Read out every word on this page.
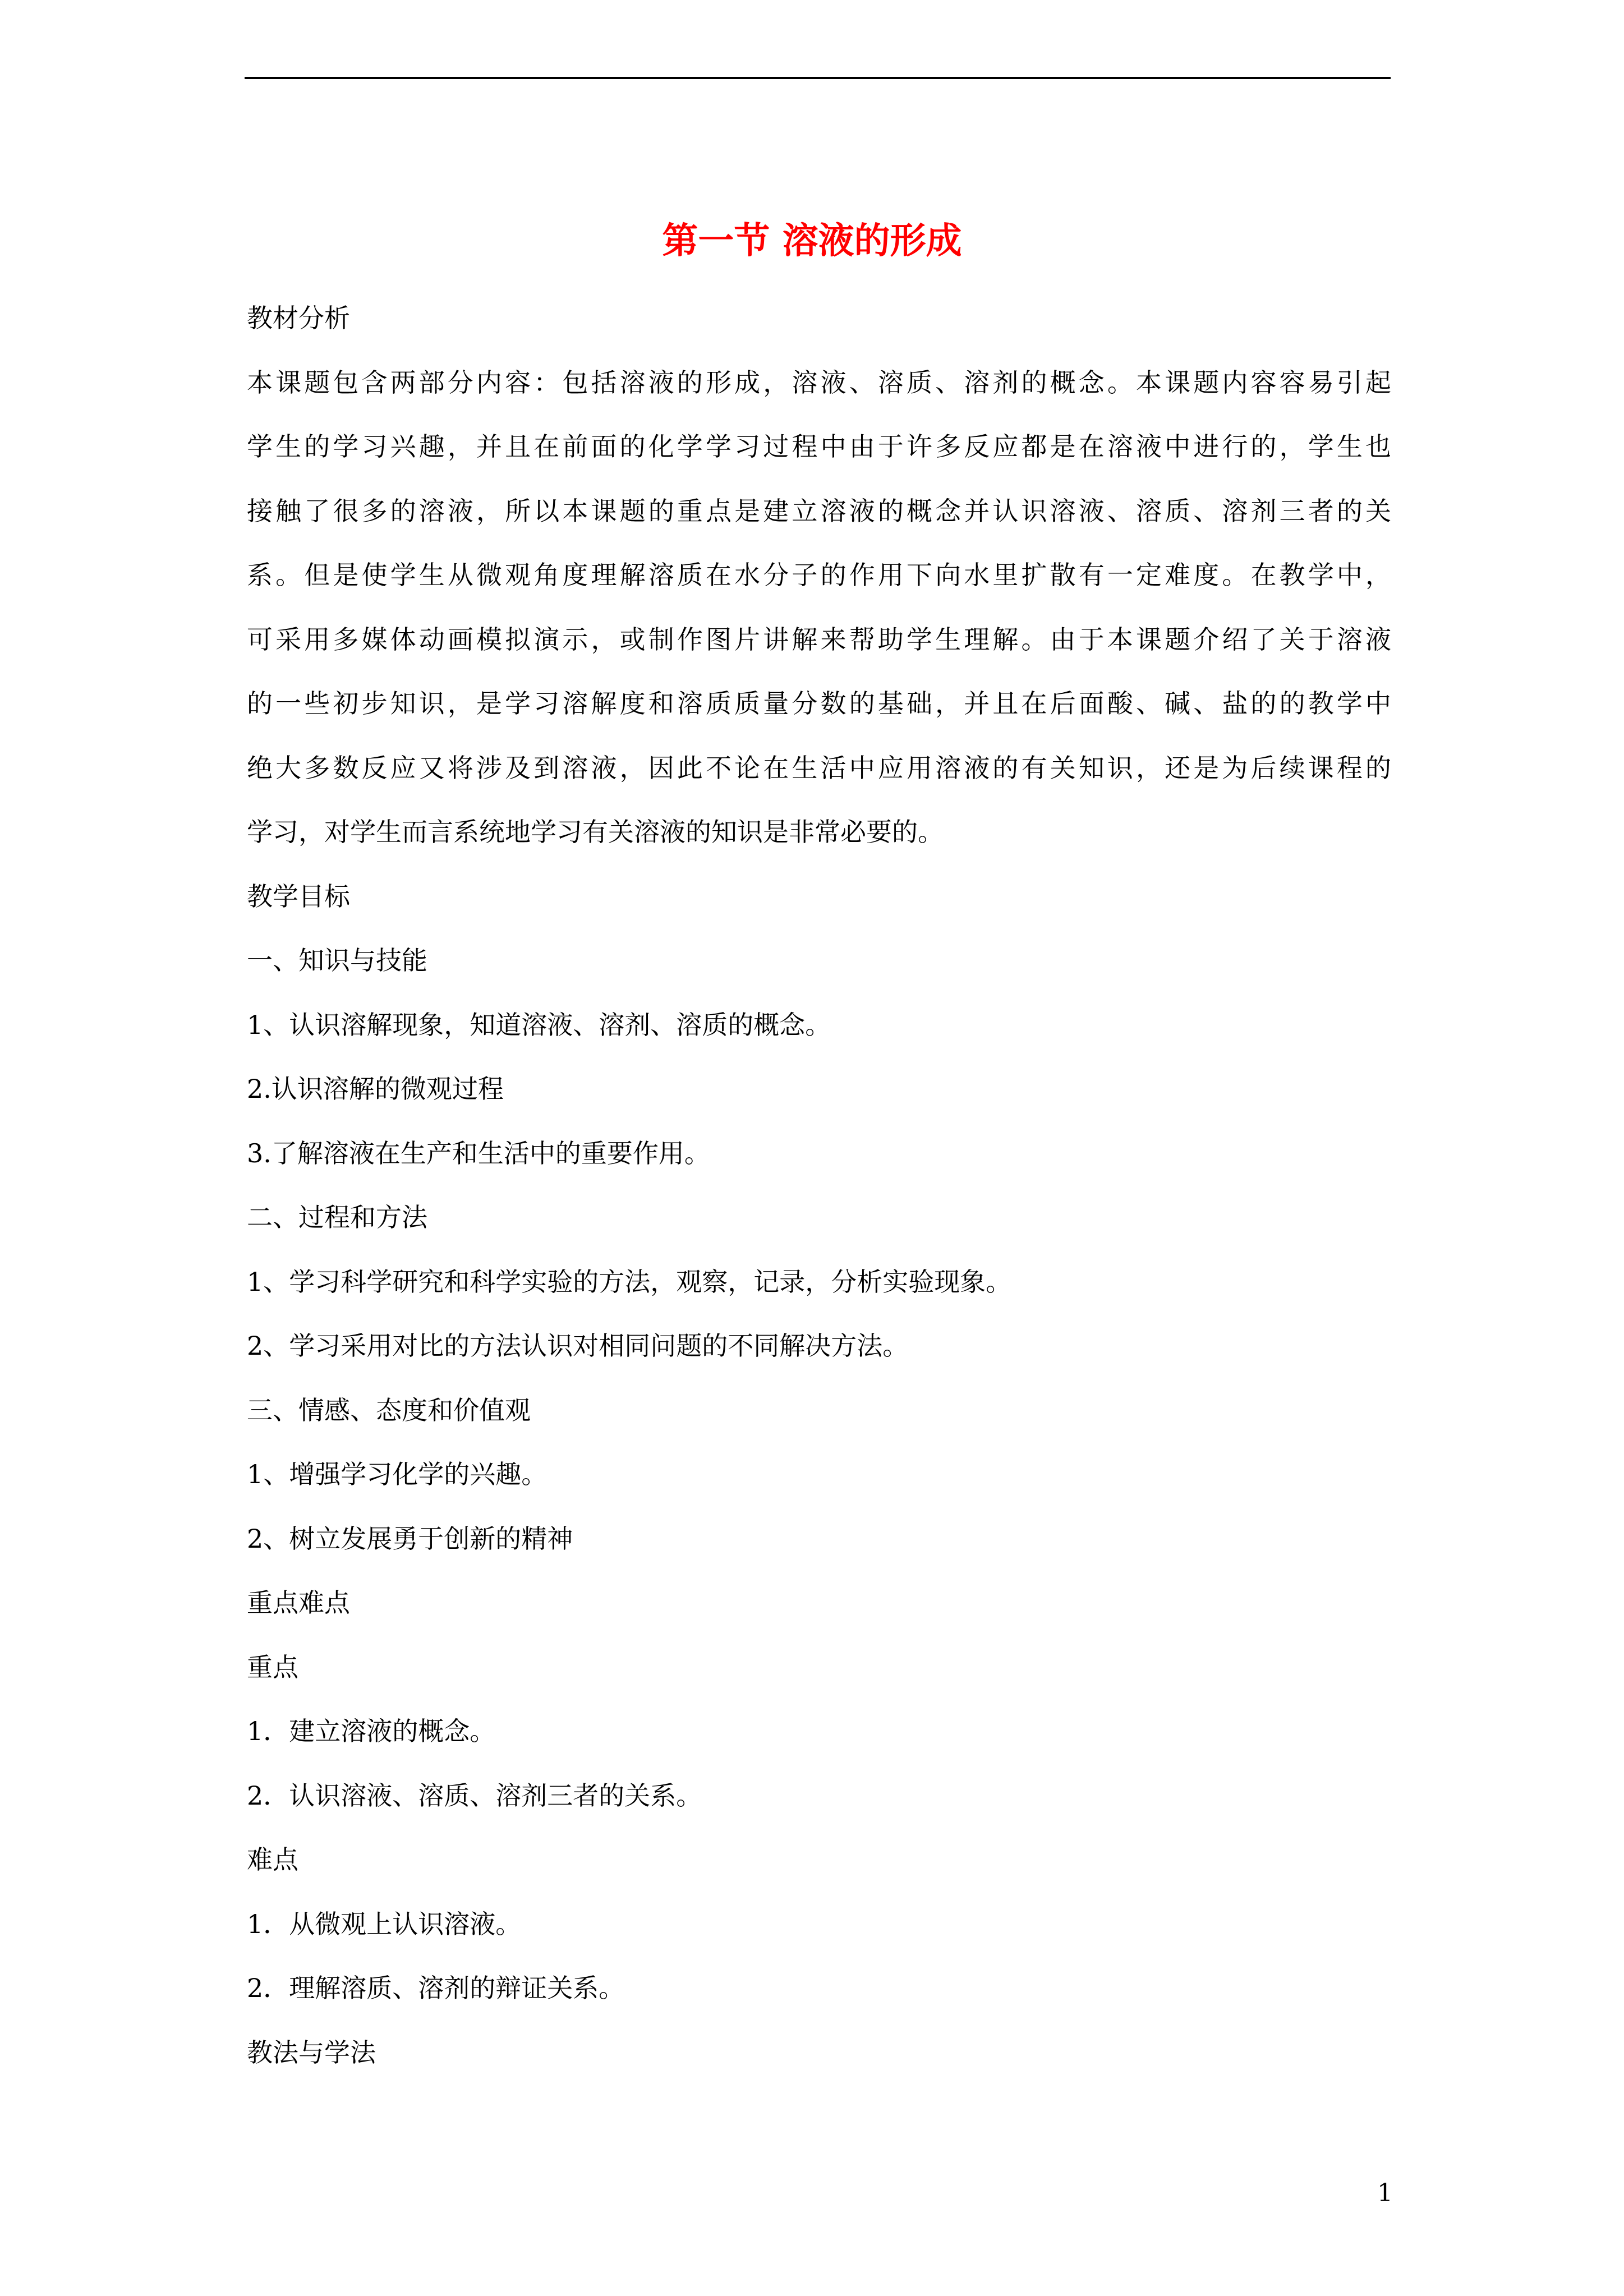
第一节 溶液的形成
教材分析
本课题包含两部分内容：包括溶液的形成，溶液、溶质、溶剂的概念。本课题内容容易引起
学生的学习兴趣，并且在前面的化学学习过程中由于许多反应都是在溶液中进行的，学生也
接触了很多的溶液，所以本课题的重点是建立溶液的概念并认识溶液、溶质、溶剂三者的关
系。但是使学生从微观角度理解溶质在水分子的作用下向水里扩散有一定难度。在教学中，
可采用多媒体动画模拟演示，或制作图片讲解来帮助学生理解。由于本课题介绍了关于溶液
的一些初步知识，是学习溶解度和溶质质量分数的基础，并且在后面酸、碱、盐的的教学中
绝大多数反应又将涉及到溶液，因此不论在生活中应用溶液的有关知识，还是为后续课程的
学习，对学生而言系统地学习有关溶液的知识是非常必要的。
教学目标
一、知识与技能
1、认识溶解现象，知道溶液、溶剂、溶质的概念。
2.认识溶解的微观过程
3.了解溶液在生产和生活中的重要作用。
二、过程和方法
1、学习科学研究和科学实验的方法，观察，记录，分析实验现象。
2、学习采用对比的方法认识对相同问题的不同解决方法。
三、情感、态度和价值观
1、增强学习化学的兴趣。
2、树立发展勇于创新的精神
重点难点
重点
1．建立溶液的概念。
2．认识溶液、溶质、溶剂三者的关系。
难点
1．从微观上认识溶液。
2．理解溶质、溶剂的辩证关系。
教法与学法
1
